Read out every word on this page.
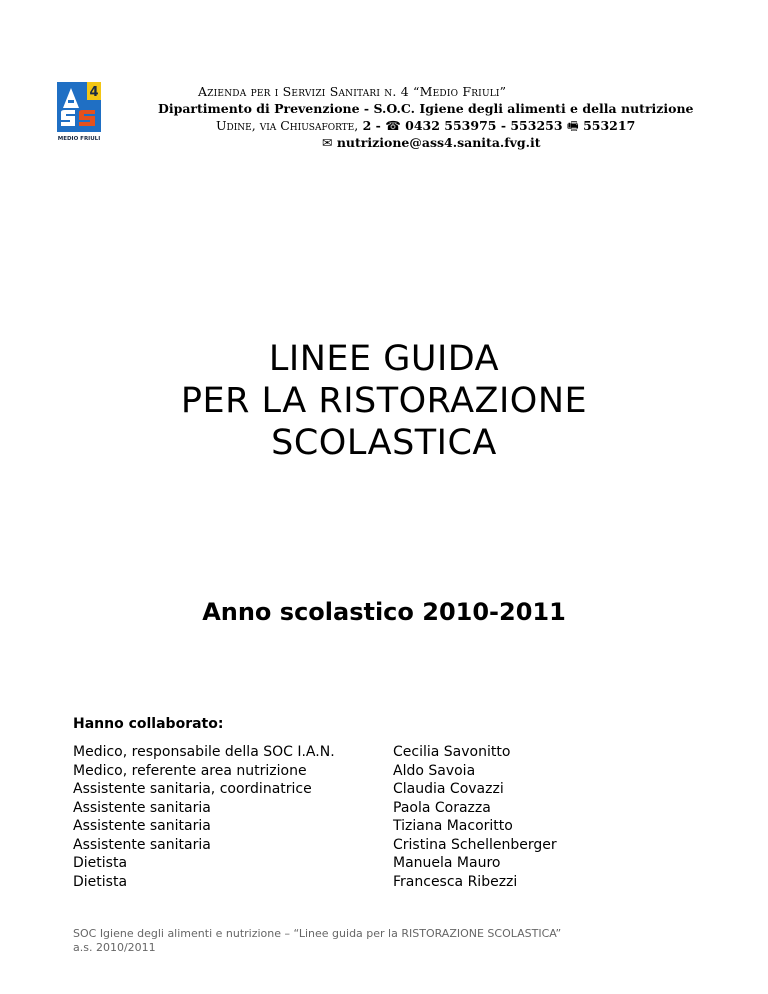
4
MEDIO FRIULI
Azienda per i Servizi Sanitari n. 4 “Medio Friuli”
Dipartimento di Prevenzione - S.O.C. Igiene degli alimenti e della nutrizione
Udine, via Chiusaforte, 2 - ☎ 0432 553975 - 553253 🖷 553217
✉ nutrizione@ass4.sanita.fvg.it
LINEE GUIDA
PER LA RISTORAZIONE
SCOLASTICA
Anno scolastico 2010-2011
Hanno collaborato:
Medico, responsabile della SOC I.A.N.
Medico, referente area nutrizione
Assistente sanitaria, coordinatrice
Assistente sanitaria
Assistente sanitaria
Assistente sanitaria
Dietista
Dietista
Cecilia Savonitto
Aldo Savoia
Claudia Covazzi
Paola Corazza
Tiziana Macoritto
Cristina Schellenberger
Manuela Mauro
Francesca Ribezzi
SOC Igiene degli alimenti e nutrizione – “Linee guida per la RISTORAZIONE SCOLASTICA”
a.s. 2010/2011
